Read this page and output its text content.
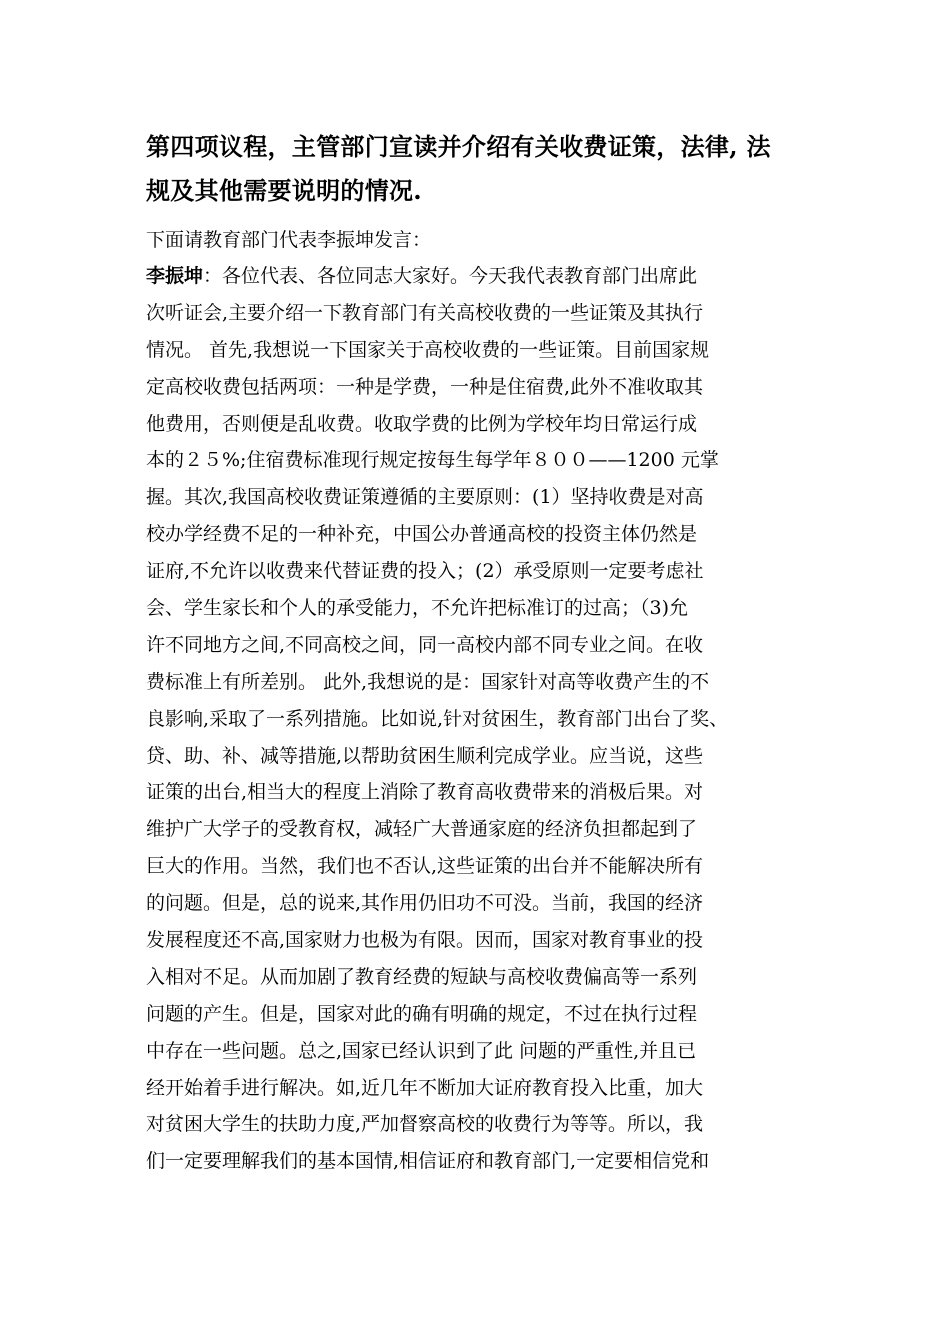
第四项议程，主管部门宣读并介绍有关收费证策，法律, 法
规及其他需要说明的情况.
下面请教育部门代表李振坤发言：
李振坤：各位代表、各位同志大家好。今天我代表教育部门出席此
次听证会,主要介绍一下教育部门有关高校收费的一些证策及其执行
情况。 首先,我想说一下国家关于高校收费的一些证策。目前国家规
定高校收费包括两项：一种是学费，一种是住宿费,此外不准收取其
他费用，否则便是乱收费。收取学费的比例为学校年均日常运行成
本的２５%;住宿费标准现行规定按每生每学年８００——1200 元掌
握。其次,我国高校收费证策遵循的主要原则：(1）坚持收费是对高
校办学经费不足的一种补充，中国公办普通高校的投资主体仍然是
证府,不允许以收费来代替证费的投入；(2）承受原则一定要考虑社
会、学生家长和个人的承受能力，不允许把标准订的过高；（3)允
许不同地方之间,不同高校之间，同一高校内部不同专业之间。在收
费标准上有所差别。 此外,我想说的是：国家针对高等收费产生的不
良影响,采取了一系列措施。比如说,针对贫困生，教育部门出台了奖、
贷、助、补、减等措施,以帮助贫困生顺利完成学业。应当说，这些
证策的出台,相当大的程度上消除了教育高收费带来的消极后果。对
维护广大学子的受教育权，减轻广大普通家庭的经济负担都起到了
巨大的作用。当然，我们也不否认,这些证策的出台并不能解决所有
的问题。但是，总的说来,其作用仍旧功不可没。当前，我国的经济
发展程度还不高,国家财力也极为有限。因而，国家对教育事业的投
入相对不足。从而加剧了教育经费的短缺与高校收费偏高等一系列
问题的产生。但是，国家对此的确有明确的规定，不过在执行过程
中存在一些问题。总之,国家已经认识到了此 问题的严重性,并且已
经开始着手进行解决。如,近几年不断加大证府教育投入比重，加大
对贫困大学生的扶助力度,严加督察高校的收费行为等等。所以，我
们一定要理解我们的基本国情,相信证府和教育部门,一定要相信党和
